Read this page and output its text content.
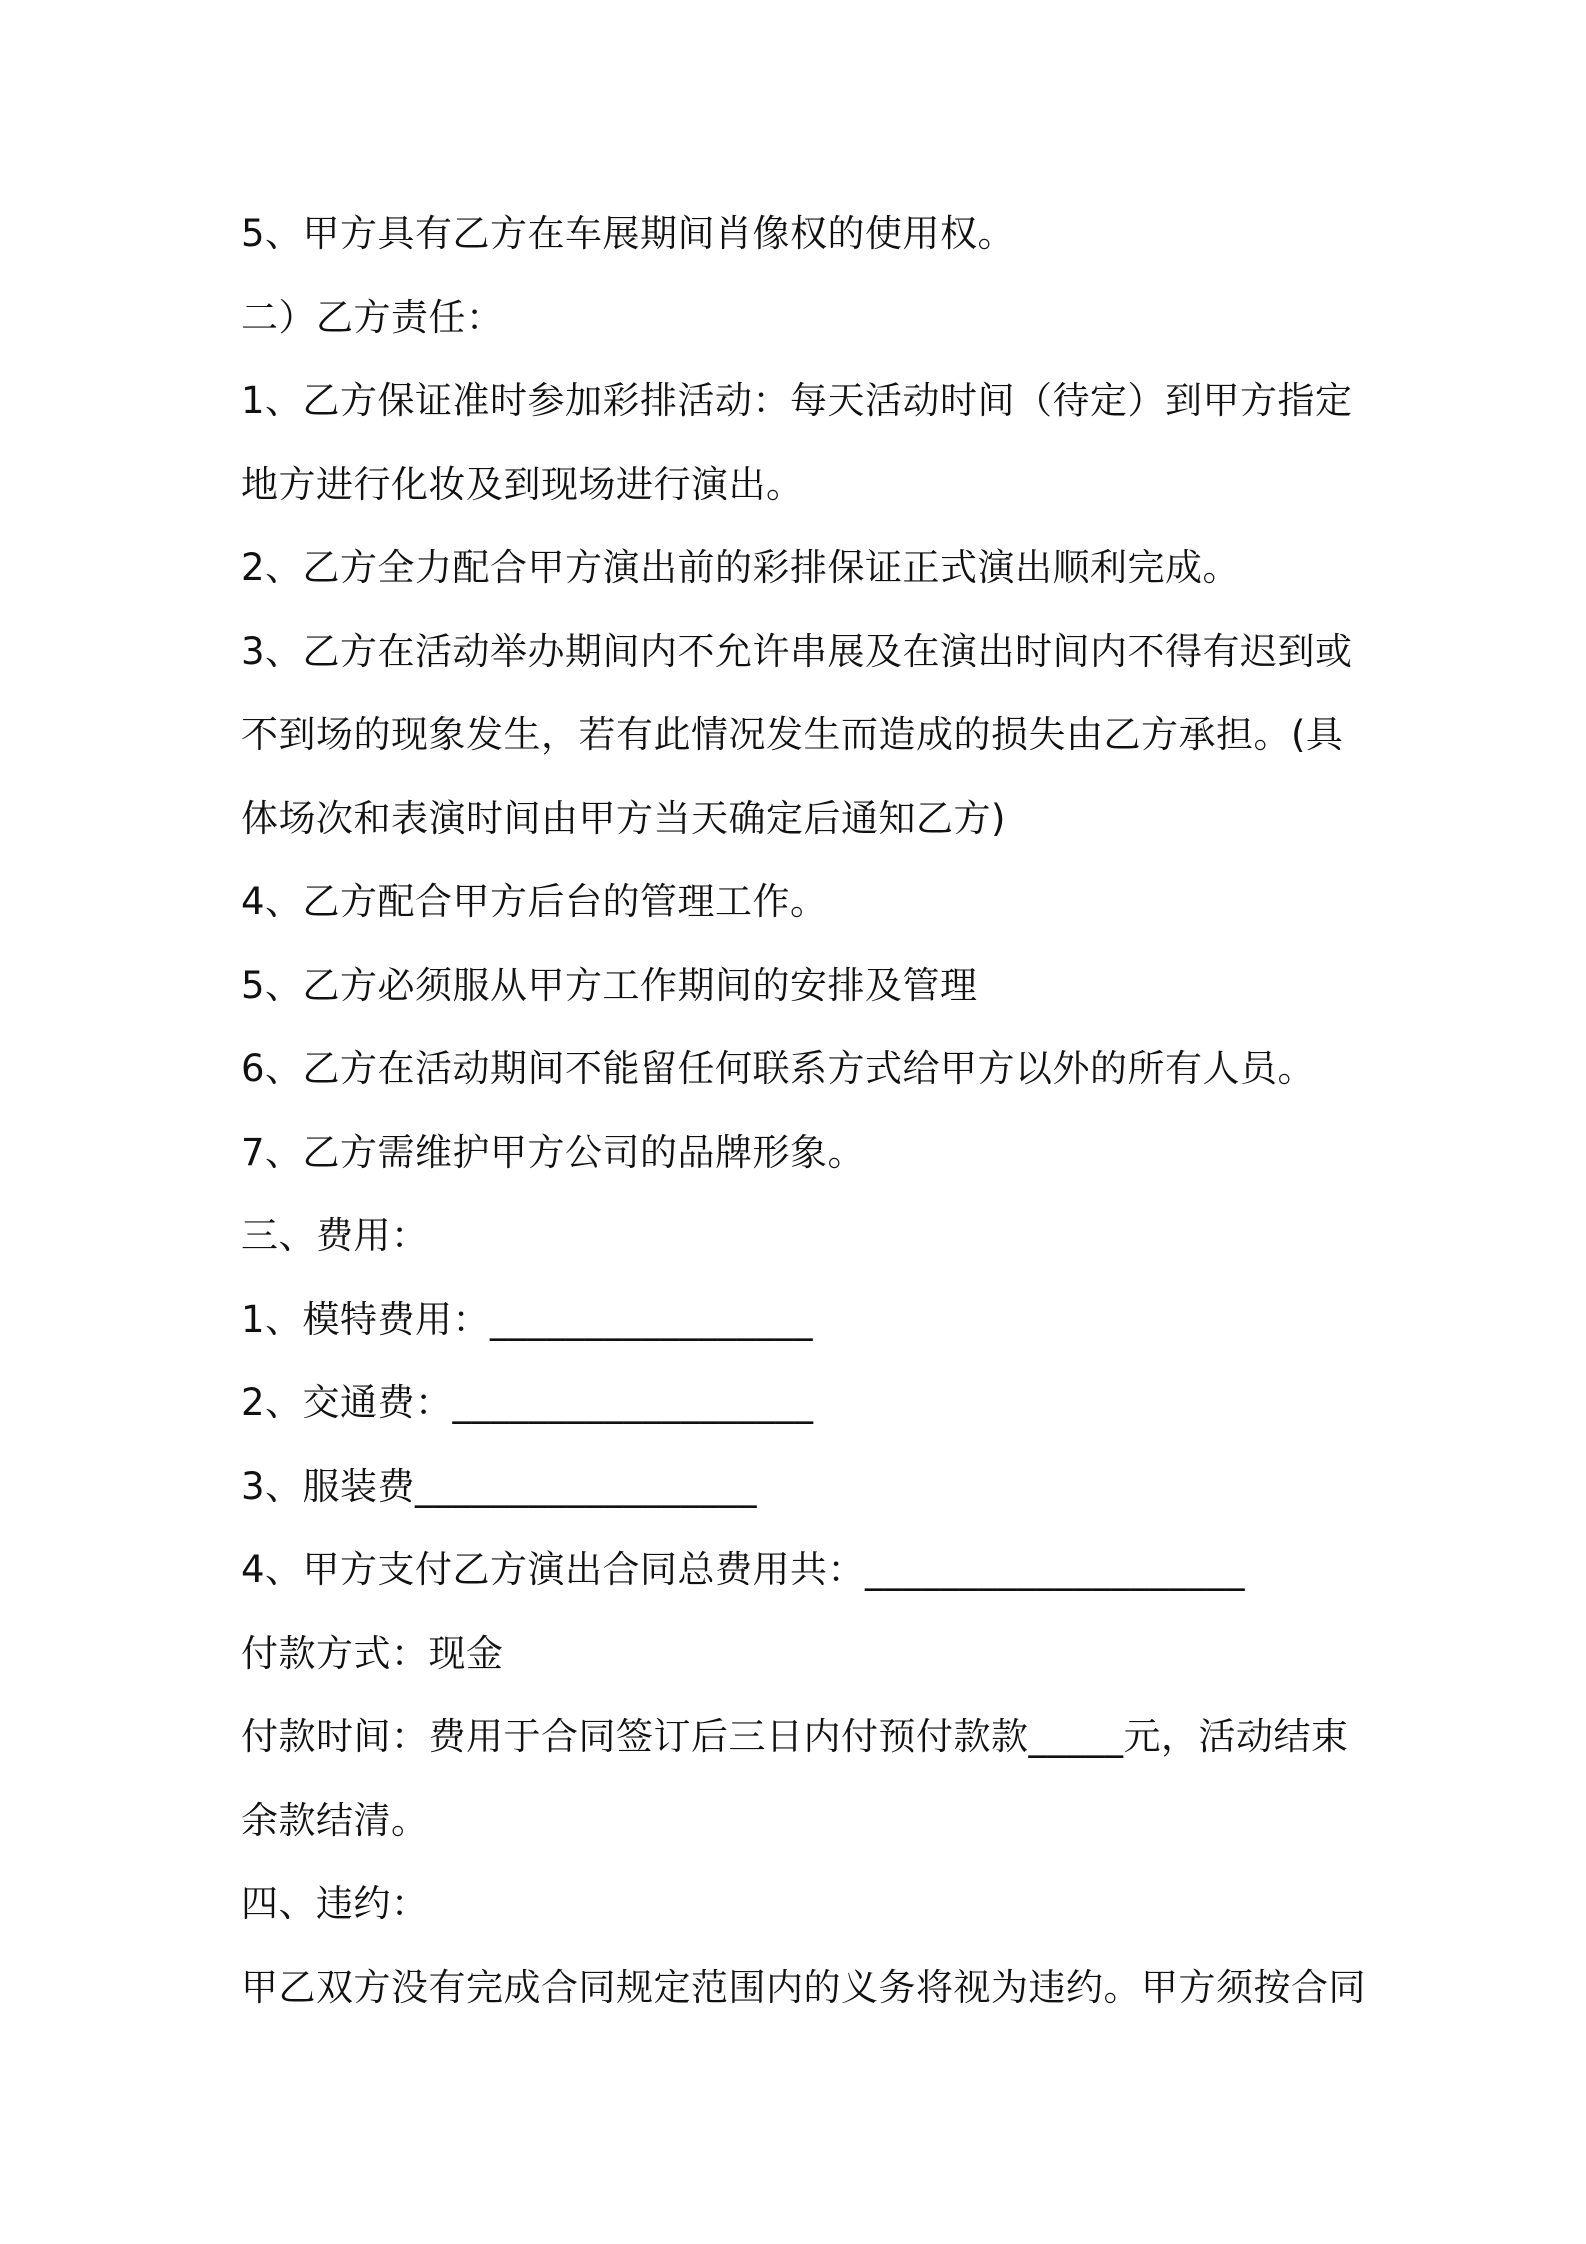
5、甲方具有乙方在车展期间肖像权的使用权。
二）乙方责任：
1、乙方保证准时参加彩排活动：每天活动时间（待定）到甲方指定
地方进行化妆及到现场进行演出。
2、乙方全力配合甲方演出前的彩排保证正式演出顺利完成。
3、乙方在活动举办期间内不允许串展及在演出时间内不得有迟到或
不到场的现象发生，若有此情况发生而造成的损失由乙方承担。(具
体场次和表演时间由甲方当天确定后通知乙方)
4、乙方配合甲方后台的管理工作。
5、乙方必须服从甲方工作期间的安排及管理
6、乙方在活动期间不能留任何联系方式给甲方以外的所有人员。
7、乙方需维护甲方公司的品牌形象。
三、费用：
1、模特费用：_________________
2、交通费：___________________
3、服装费__________________
4、甲方支付乙方演出合同总费用共：____________________
付款方式：现金
付款时间：费用于合同签订后三日内付预付款款_____元，活动结束
余款结清。
四、违约：
甲乙双方没有完成合同规定范围内的义务将视为违约。甲方须按合同
